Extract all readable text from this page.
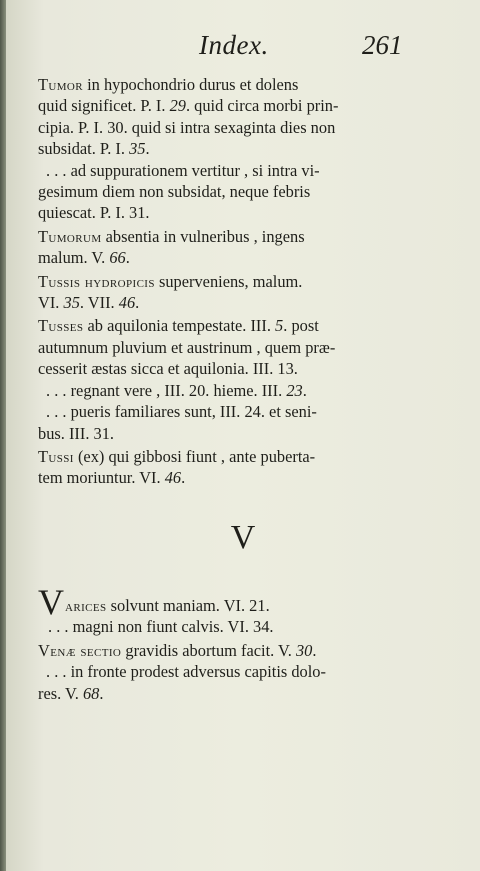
Index.	261
Tumor in hypochondrio durus et dolens
quid significet. P. I. 29. quid circa morbi prin-
cipia. P. I. 30. quid si intra sexaginta dies non
subsidat. P. I. 35.
. . . ad suppurationem vertitur , si intra vi-
gesimum diem non subsidat, neque febris
quiescat. P. I. 31.
Tumorum absentia in vulneribus , ingens
malum. V. 66.
Tussis hydropicis superveniens, malum.
VI. 35. VII. 46.
Tusses ab aquilonia tempestate. III. 5. post
autumnum pluvium et austrinum , quem præ-
cesserit æstas sicca et aquilonia. III. 13.
. . . regnant vere , III. 20. hieme. III. 23.
. . . pueris familiares sunt, III. 24. et seni-
bus. III. 31.
Tussi (ex) qui gibbosi fiunt , ante puberta-
tem moriuntur. VI. 46.
V
Varices solvunt maniam. VI. 21.
. . . magni non fiunt calvis. VI. 34.
Venæ sectio gravidis abortum facit. V. 30.
. . . in fronte prodest adversus capitis dolo-
res. V. 68.
